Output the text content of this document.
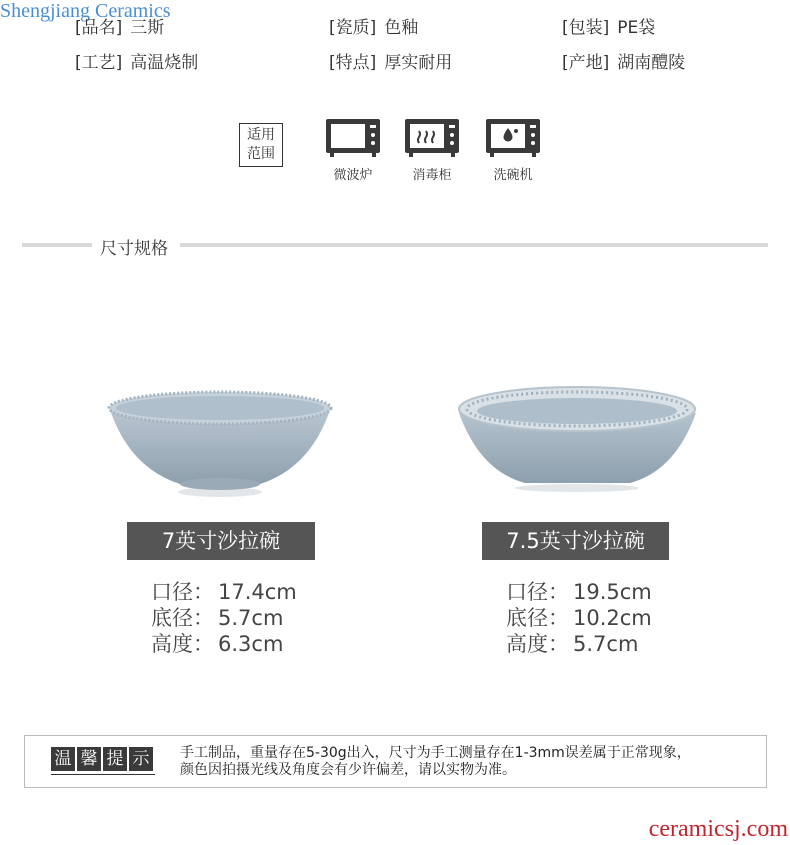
Shengjiang Ceramics
[品名] 三斯	[瓷质] 色釉	[包装] PE袋
[工艺] 高温烧制	[特点] 厚实耐用	[产地] 湖南醴陵
适用
范围
微波炉	消毒柜	洗碗机
尺寸规格
7英寸沙拉碗	7.5英寸沙拉碗
口径： 17.4cm
底径： 5.7cm
高度： 6.3cm
口径： 19.5cm
底径： 10.2cm
高度： 5.7cm
温 馨 提 示	手工制品，重量存在5-30g出入，尺寸为手工测量存在1-3mm误差属于正常现象，
颜色因拍摄光线及角度会有少许偏差，请以实物为准。
ceramicsj.com
